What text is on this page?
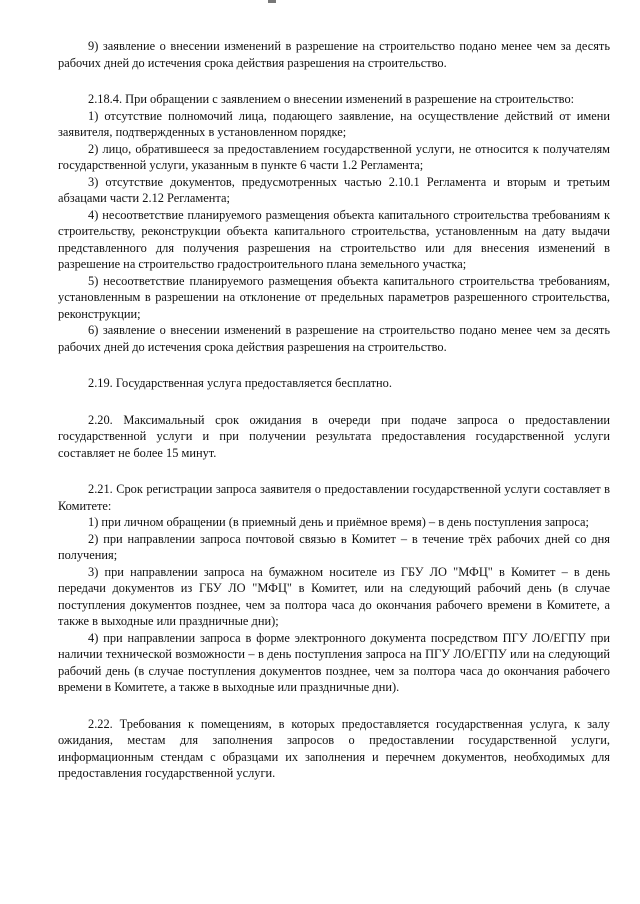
9) заявление о внесении изменений в разрешение на строительство подано менее чем за десять рабочих дней до истечения срока действия разрешения на строительство.

2.18.4. При обращении с заявлением о внесении изменений в разрешение на строительство:

1) отсутствие полномочий лица, подающего заявление, на осуществление действий от имени заявителя, подтвержденных в установленном порядке;

2) лицо, обратившееся за предоставлением государственной услуги, не относится к получателям государственной услуги, указанным в пункте 6 части 1.2 Регламента;

3) отсутствие документов, предусмотренных частью 2.10.1 Регламента и вторым и третьим абзацами части 2.12 Регламента;

4) несоответствие планируемого размещения объекта капитального строительства требованиям к строительству, реконструкции объекта капитального строительства, установленным на дату выдачи представленного для получения разрешения на строительство или для внесения изменений в разрешение на строительство градостроительного плана земельного участка;

5) несоответствие планируемого размещения объекта капитального строительства требованиям, установленным в разрешении на отклонение от предельных параметров разрешенного строительства, реконструкции;

6) заявление о внесении изменений в разрешение на строительство подано менее чем за десять рабочих дней до истечения срока действия разрешения на строительство.

2.19. Государственная услуга предоставляется бесплатно.

2.20. Максимальный срок ожидания в очереди при подаче запроса о предоставлении государственной услуги и при получении результата предоставления государственной услуги составляет не более 15 минут.

2.21. Срок регистрации запроса заявителя о предоставлении государственной услуги составляет в Комитете:

1) при личном обращении (в приемный день и приёмное время) – в день поступления запроса;

2) при направлении запроса почтовой связью в Комитет – в течение трёх рабочих дней со дня получения;

3) при направлении запроса на бумажном носителе из ГБУ ЛО "МФЦ" в Комитет – в день передачи документов из ГБУ ЛО "МФЦ" в Комитет, или на следующий рабочий день (в случае поступления документов позднее, чем за полтора часа до окончания рабочего времени в Комитете, а также в выходные или праздничные дни);

4) при направлении запроса в форме электронного документа посредством ПГУ ЛО/ЕГПУ при наличии технической возможности – в день поступления запроса на ПГУ ЛО/ЕГПУ или на следующий рабочий день (в случае поступления документов позднее, чем за полтора часа до окончания рабочего времени в Комитете, а также в выходные или праздничные дни).

2.22. Требования к помещениям, в которых предоставляется государственная услуга, к залу ожидания, местам для заполнения запросов о предоставлении государственной услуги, информационным стендам с образцами их заполнения и перечнем документов, необходимых для предоставления государственной услуги.
